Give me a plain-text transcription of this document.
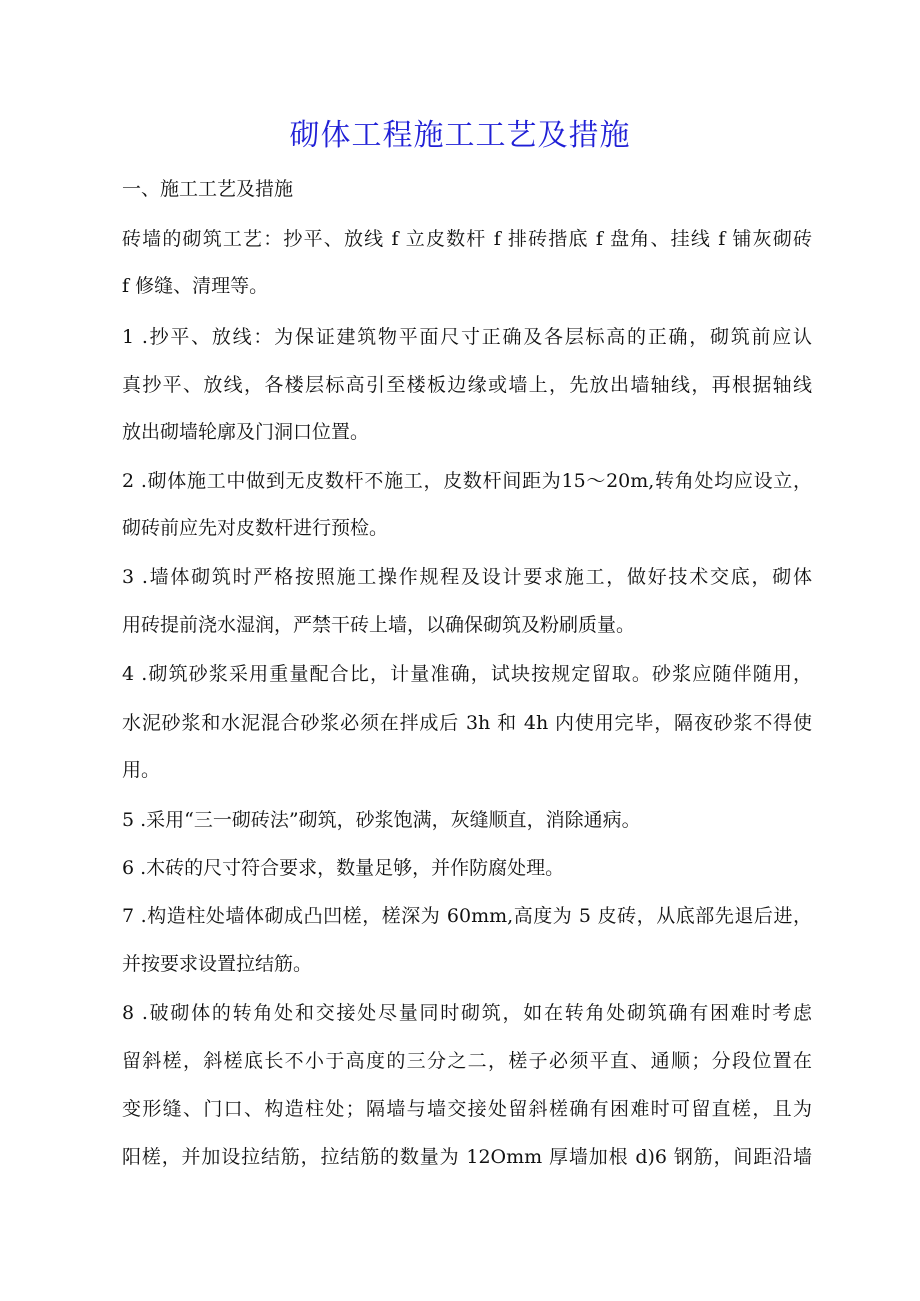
砌体工程施工工艺及措施
一、施工工艺及措施
砖墙的砌筑工艺：抄平、放线 f 立皮数杆 f 排砖揩底 f 盘角、挂线 f 铺灰砌砖
f 修缝、清理等。
1 .抄平、放线：为保证建筑物平面尺寸正确及各层标高的正确，砌筑前应认
真抄平、放线，各楼层标高引至楼板边缘或墙上，先放出墙轴线，再根据轴线
放出砌墙轮廓及门洞口位置。
2 .砌体施工中做到无皮数杆不施工，皮数杆间距为15～20m,转角处均应设立，
砌砖前应先对皮数杆进行预检。
3 .墙体砌筑时严格按照施工操作规程及设计要求施工，做好技术交底，砌体
用砖提前浇水湿润，严禁干砖上墙，以确保砌筑及粉刷质量。
4 .砌筑砂浆采用重量配合比，计量准确，试块按规定留取。砂浆应随伴随用，
水泥砂浆和水泥混合砂浆必须在拌成后 3h 和 4h 内使用完毕，隔夜砂浆不得使
用。
5 .采用“三一砌砖法”砌筑，砂浆饱满，灰缝顺直，消除通病。
6 .木砖的尺寸符合要求，数量足够，并作防腐处理。
7 .构造柱处墙体砌成凸凹槎，槎深为 60mm,高度为 5 皮砖，从底部先退后进，
并按要求设置拉结筋。
8 .破砌体的转角处和交接处尽量同时砌筑，如在转角处砌筑确有困难时考虑
留斜槎，斜槎底长不小于高度的三分之二，槎子必须平直、通顺；分段位置在
变形缝、门口、构造柱处；隔墙与墙交接处留斜槎确有困难时可留直槎，且为
阳槎，并加设拉结筋，拉结筋的数量为 12Omm 厚墙加根 d)6 钢筋，间距沿墙
